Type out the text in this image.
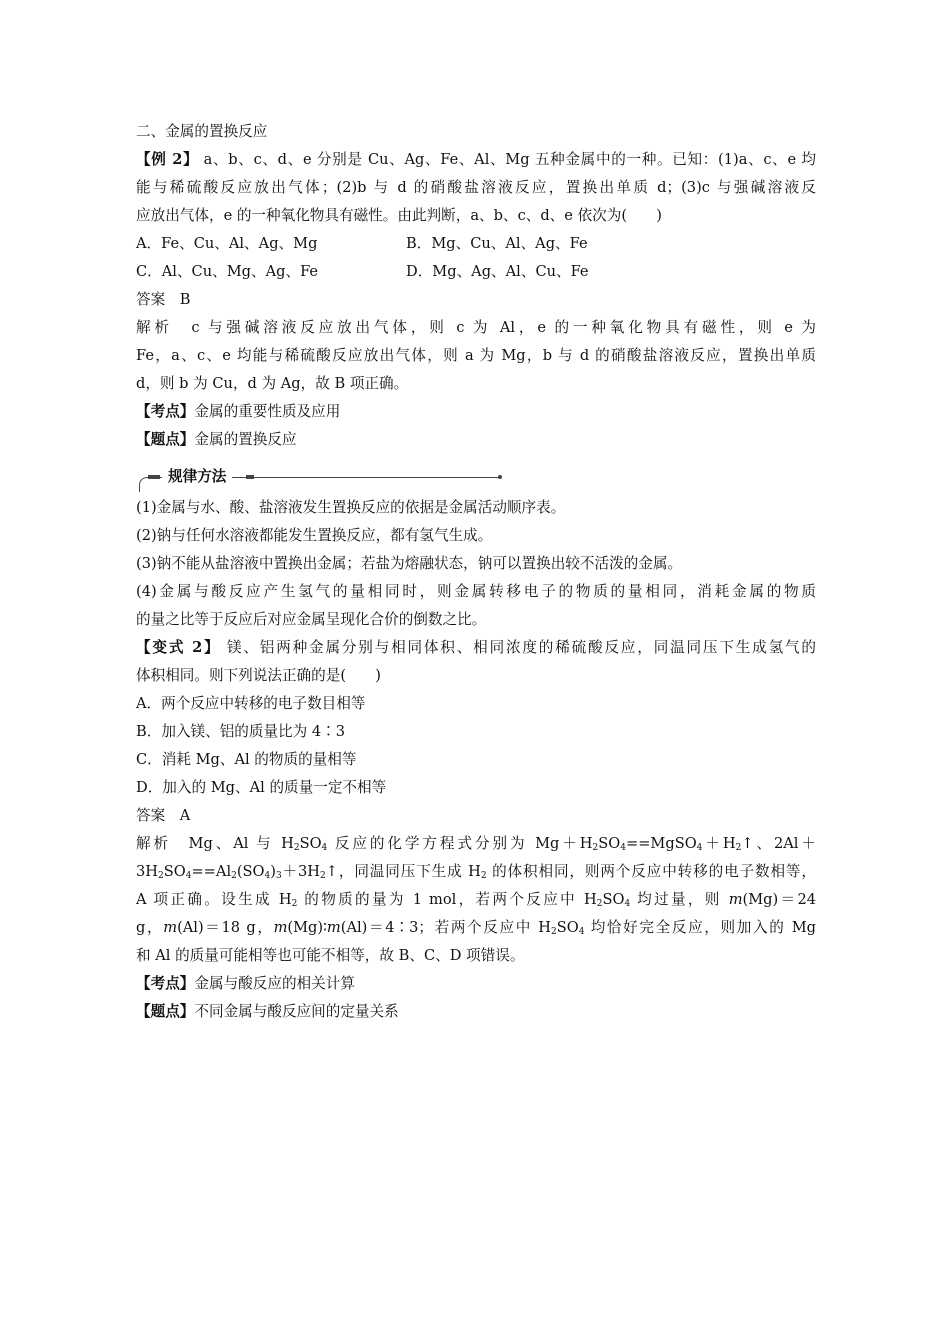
二、金属的置换反应
【例 2】 a、b、c、d、e 分别是 Cu、Ag、Fe、Al、Mg 五种金属中的一种。已知：(1)a、c、e 均
能与稀硫酸反应放出气体；(2)b 与 d 的硝酸盐溶液反应，置换出单质 d；(3)c 与强碱溶液反
应放出气体，e 的一种氧化物具有磁性。由此判断，a、b、c、d、e 依次为(　　)
A．Fe、Cu、Al、Ag、Mg	B．Mg、Cu、Al、Ag、Fe
C．Al、Cu、Mg、Ag、Fe	D．Mg、Ag、Al、Cu、Fe
答案　B
解析　c 与强碱溶液反应放出气体，则 c 为 Al，e 的一种氧化物具有磁性，则 e 为
Fe，a、c、e 均能与稀硫酸反应放出气体，则 a 为 Mg，b 与 d 的硝酸盐溶液反应，置换出单质
d，则 b 为 Cu，d 为 Ag，故 B 项正确。
【考点】金属的重要性质及应用
【题点】金属的置换反应
规律方法
(1)金属与水、酸、盐溶液发生置换反应的依据是金属活动顺序表。
(2)钠与任何水溶液都能发生置换反应，都有氢气生成。
(3)钠不能从盐溶液中置换出金属；若盐为熔融状态，钠可以置换出较不活泼的金属。
(4)金属与酸反应产生氢气的量相同时，则金属转移电子的物质的量相同，消耗金属的物质
的量之比等于反应后对应金属呈现化合价的倒数之比。
【变式 2】 镁、铝两种金属分别与相同体积、相同浓度的稀硫酸反应，同温同压下生成氢气的
体积相同。则下列说法正确的是(　　)
A．两个反应中转移的电子数目相等
B．加入镁、铝的质量比为 4∶3
C．消耗 Mg、Al 的物质的量相等
D．加入的 Mg、Al 的质量一定不相等
答案　A
解析　Mg、Al 与 $H_2SO_4$ 反应的化学方程式分别为 $Mg+H_2SO_4==MgSO_4+H_2↑$、2Al＋
$3H_2SO_4==Al_2(SO_4)_3+3H_2↑$，同温同压下生成 $H_2$ 的体积相同，则两个反应中转移的电子数相等，
A 项正确。设生成 $H_2$ 的物质的量为 1 mol，若两个反应中 $H_2SO_4$ 均过量，则 m(Mg)＝24
g，m(Al)＝18 g，m(Mg)∶m(Al)＝4∶3；若两个反应中 $H_2SO_4$ 均恰好完全反应，则加入的 Mg
和 Al 的质量可能相等也可能不相等，故 B、C、D 项错误。
【考点】金属与酸反应的相关计算
【题点】不同金属与酸反应间的定量关系
